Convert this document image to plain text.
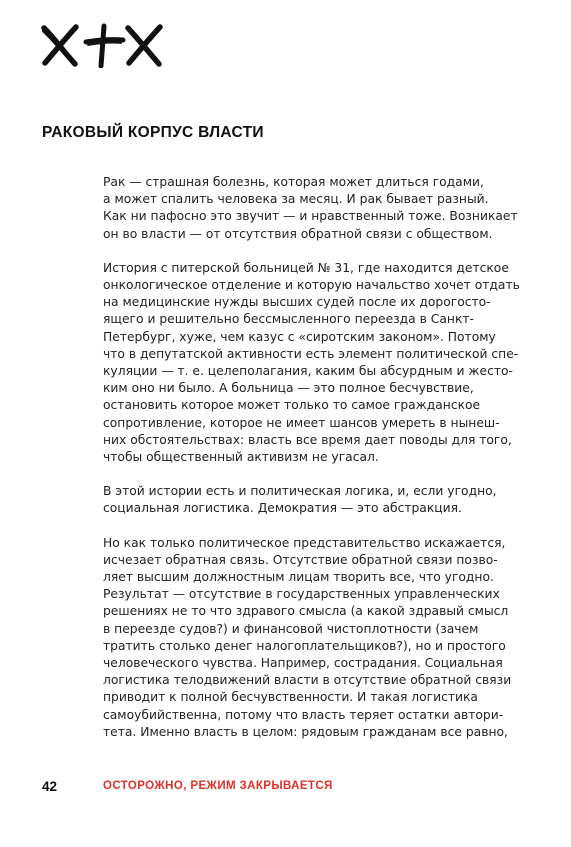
РАКОВЫЙ КОРПУС ВЛАСТИ

Рак — страшная болезнь, которая может длиться годами,
а может спалить человека за месяц. И рак бывает разный.
Как ни пафосно это звучит — и нравственный тоже. Возникает
он во власти — от отсутствия обратной связи с обществом.

История с питерской больницей № 31, где находится детское
онкологическое отделение и которую начальство хочет отдать
на медицинские нужды высших судей после их дорогосто-
ящего и решительно бессмысленного переезда в Санкт-
Петербург, хуже, чем казус с «сиротским законом». Потому
что в депутатской активности есть элемент политической спе-
куляции — т. е. целеполагания, каким бы абсурдным и жесто-
ким оно ни было. А больница — это полное бесчувствие,
остановить которое может только то самое гражданское
сопротивление, которое не имеет шансов умереть в нынеш-
них обстоятельствах: власть все время дает поводы для того,
чтобы общественный активизм не угасал.

В этой истории есть и политическая логика, и, если угодно,
социальная логистика. Демократия — это абстракция.

Но как только политическое представительство искажается,
исчезает обратная связь. Отсутствие обратной связи позво-
ляет высшим должностным лицам творить все, что угодно.
Результат — отсутствие в государственных управленческих
решениях не то что здравого смысла (а какой здравый смысл
в переезде судов?) и финансовой чистоплотности (зачем
тратить столько денег налогоплательщиков?), но и простого
человеческого чувства. Например, сострадания. Социальная
логистика телодвижений власти в отсутствие обратной связи
приводит к полной бесчувственности. И такая логистика
самоубийственна, потому что власть теряет остатки автори-
тета. Именно власть в целом: рядовым гражданам все равно,

42	ОСТОРОЖНО, РЕЖИМ ЗАКРЫВАЕТСЯ
